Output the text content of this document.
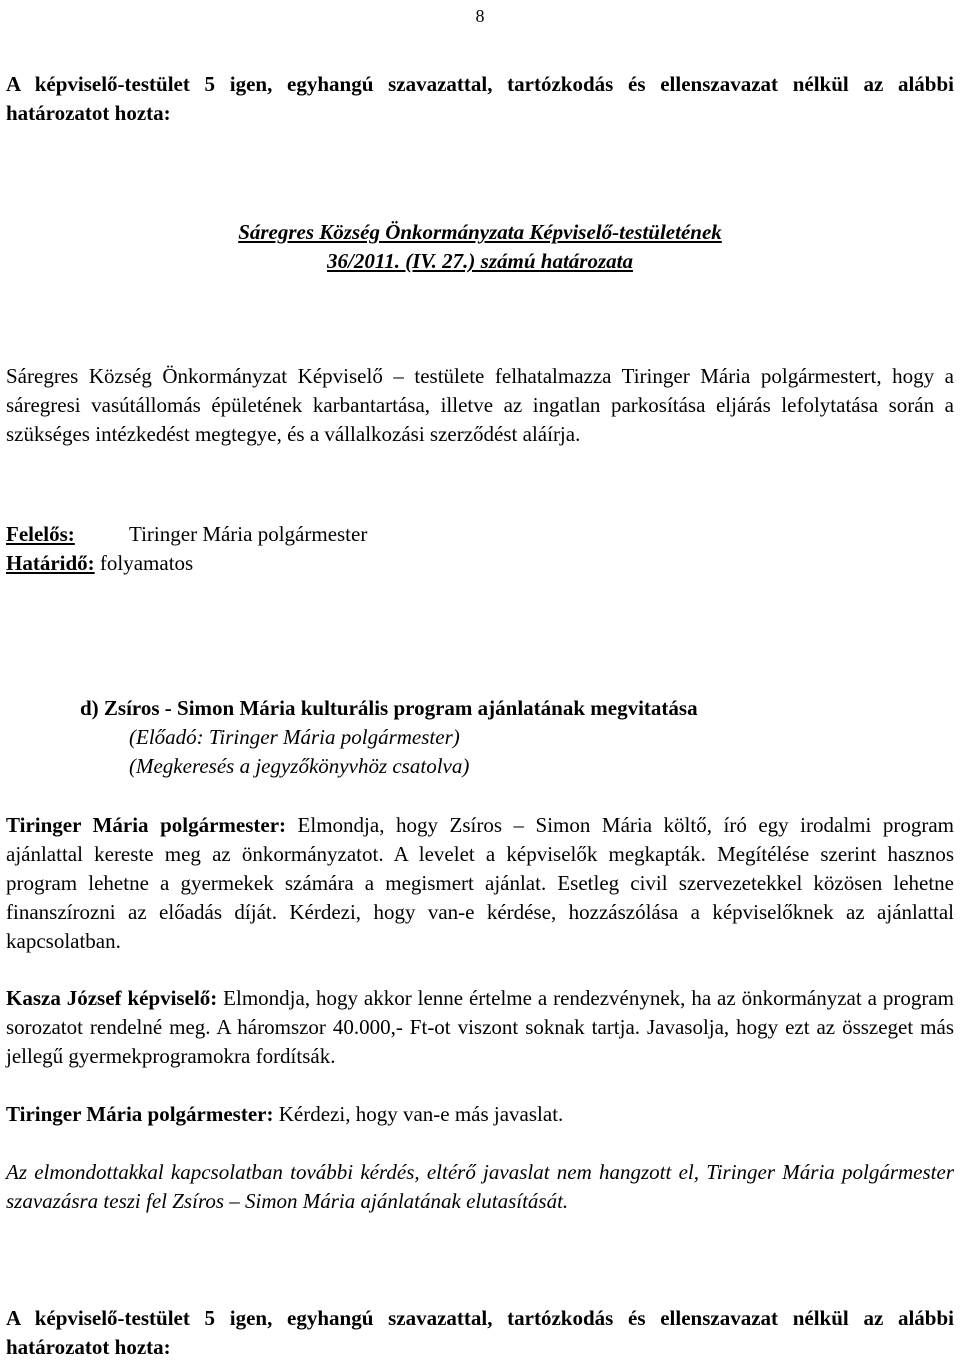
8
A képviselő-testület 5 igen, egyhangú szavazattal, tartózkodás és ellenszavazat nélkül az alábbi határozatot hozta:
Sáregres Község Önkormányzata Képviselő-testületének
36/2011. (IV. 27.) számú határozata
Sáregres Község Önkormányzat Képviselő – testülete felhatalmazza Tiringer Mária polgármestert, hogy a sáregresi vasútállomás épületének karbantartása, illetve az ingatlan parkosítása eljárás lefolytatása során a szükséges intézkedést megtegye, és a vállalkozási szerződést aláírja.
Felelős:	Tiringer Mária polgármester
Határidő: folyamatos
d) Zsíros - Simon Mária kulturális program ajánlatának megvitatása
(Előadó: Tiringer Mária polgármester)
(Megkeresés a jegyzőkönyvhöz csatolva)
Tiringer Mária polgármester: Elmondja, hogy Zsíros – Simon Mária költő, író egy irodalmi program ajánlattal kereste meg az önkormányzatot. A levelet a képviselők megkapták. Megítélése szerint hasznos program lehetne a gyermekek számára a megismert ajánlat. Esetleg civil szervezetekkel közösen lehetne finanszírozni az előadás díját. Kérdezi, hogy van-e kérdése, hozzászólása a képviselőknek az ajánlattal kapcsolatban.
Kasza József képviselő: Elmondja, hogy akkor lenne értelme a rendezvénynek, ha az önkormányzat a program sorozatot rendelné meg. A háromszor 40.000,- Ft-ot viszont soknak tartja. Javasolja, hogy ezt az összeget más jellegű gyermekprogramokra fordítsák.
Tiringer Mária polgármester: Kérdezi, hogy van-e más javaslat.
Az elmondottakkal kapcsolatban további kérdés, eltérő javaslat nem hangzott el, Tiringer Mária polgármester szavazásra teszi fel Zsíros – Simon Mária ajánlatának elutasítását.
A képviselő-testület 5 igen, egyhangú szavazattal, tartózkodás és ellenszavazat nélkül az alábbi határozatot hozta:
